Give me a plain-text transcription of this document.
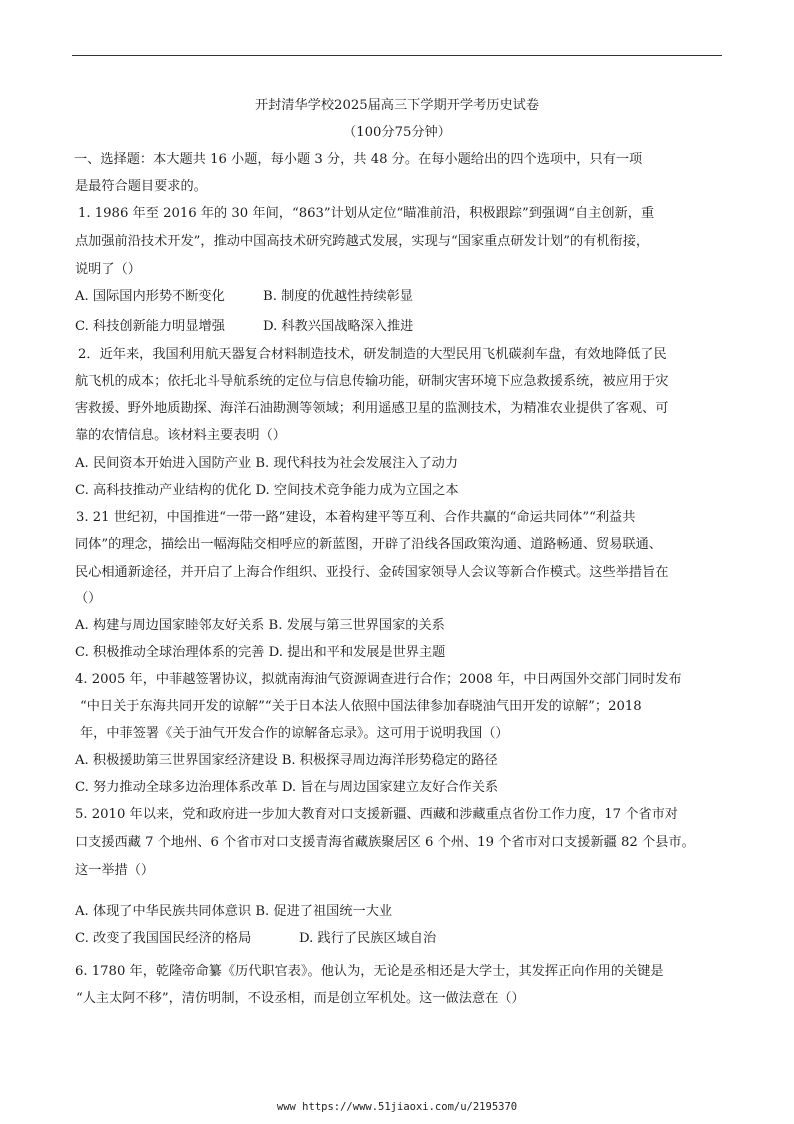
开封清华学校2025届高三下学期开学考历史试卷
（100分75分钟）
一、选择题：本大题共 16 小题，每小题 3 分，共 48 分。在每小题给出的四个选项中，只有一项
是最符合题目要求的。
1. 1986 年至 2016 年的 30 年间，“863”计划从定位“瞄准前沿，积极跟踪”到强调“自主创新，重
点加强前沿技术开发”，推动中国高技术研究跨越式发展，实现与“国家重点研发计划”的有机衔接，
说明了（）
A. 国际国内形势不断变化	B. 制度的优越性持续彰显
C. 科技创新能力明显增强	D. 科教兴国战略深入推进
2．近年来，我国利用航天器复合材料制造技术，研发制造的大型民用飞机碳刹车盘，有效地降低了民
航飞机的成本；依托北斗导航系统的定位与信息传输功能，研制灾害环境下应急救援系统，被应用于灾
害救援、野外地质勘探、海洋石油勘测等领域；利用遥感卫星的监测技术，为精准农业提供了客观、可
靠的农情信息。该材料主要表明（）
A. 民间资本开始进入国防产业 B. 现代科技为社会发展注入了动力
C. 高科技推动产业结构的优化 D. 空间技术竞争能力成为立国之本
3. 21 世纪初，中国推进“一带一路”建设，本着构建平等互利、合作共赢的“命运共同体”“利益共
同体”的理念，描绘出一幅海陆交相呼应的新蓝图，开辟了沿线各国政策沟通、道路畅通、贸易联通、
民心相通新途径，并开启了上海合作组织、亚投行、金砖国家领导人会议等新合作模式。这些举措旨在
（）
A. 构建与周边国家睦邻友好关系 B. 发展与第三世界国家的关系
C. 积极推动全球治理体系的完善 D. 提出和平和发展是世界主题
4. 2005 年，中菲越签署协议，拟就南海油气资源调查进行合作；2008 年，中日两国外交部门同时发布
“中日关于东海共同开发的谅解”“关于日本法人依照中国法律参加春晓油气田开发的谅解”；2018
年，中菲签署《关于油气开发合作的谅解备忘录》。这可用于说明我国（）
A. 积极援助第三世界国家经济建设 B. 积极探寻周边海洋形势稳定的路径
C. 努力推动全球多边治理体系改革 D. 旨在与周边国家建立友好合作关系
5. 2010 年以来，党和政府进一步加大教育对口支援新疆、西藏和涉藏重点省份工作力度，17 个省市对
口支援西藏 7 个地州、6 个省市对口支援青海省藏族聚居区 6 个州、19 个省市对口支援新疆 82 个县市。
这一举措（）
A. 体现了中华民族共同体意识 B. 促进了祖国统一大业
C. 改变了我国国民经济的格局	D. 践行了民族区域自治
6. 1780 年，乾隆帝命纂《历代职官表》。他认为，无论是丞相还是大学士，其发挥正向作用的关键是
“人主太阿不移”，清仿明制，不设丞相，而是创立军机处。这一做法意在（）
www https://www.51jiaoxi.com/u/2195370
